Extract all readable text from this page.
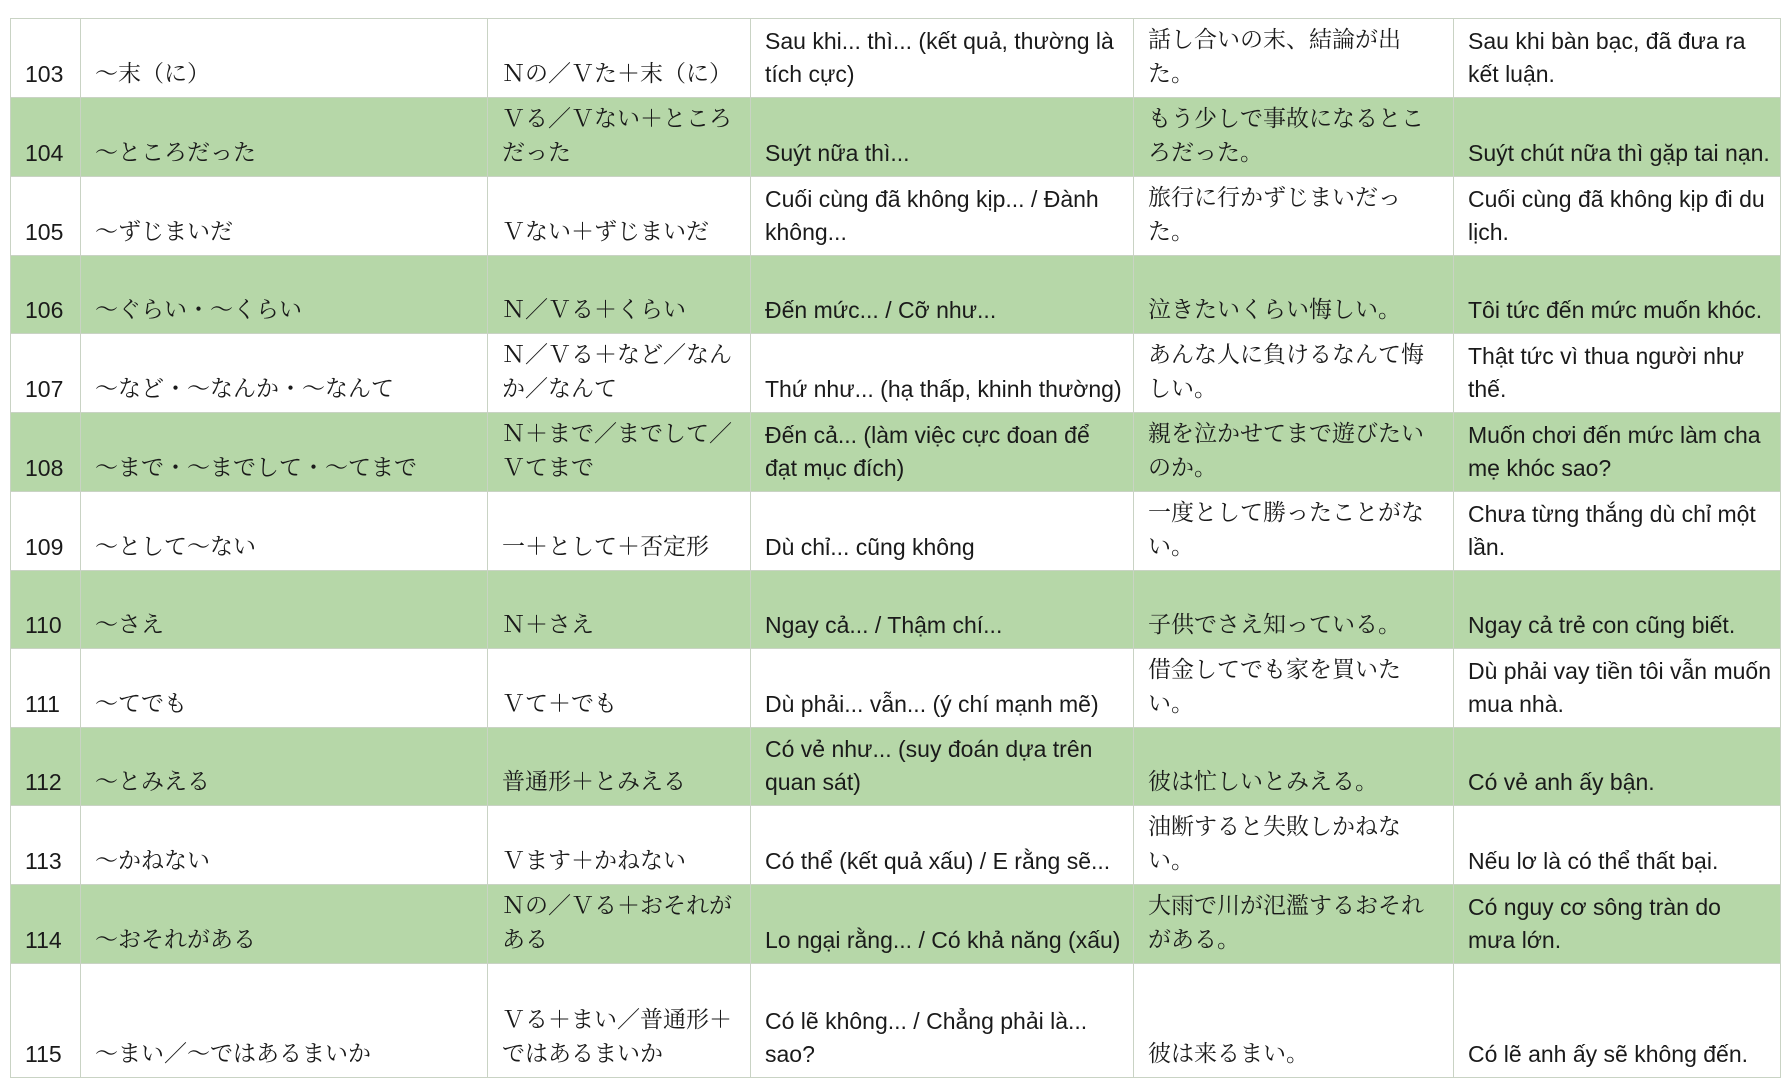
103	～末（に）	Ｎの／Ｖた＋末（に）	Sau khi... thì... (kết quả, thường là tích cực)	話し合いの末、結論が出た。	Sau khi bàn bạc, đã đưa ra kết luận.
104	～ところだった	Ｖる／Ｖない＋ところだった	Suýt nữa thì...	もう少しで事故になるところだった。	Suýt chút nữa thì gặp tai nạn.
105	～ずじまいだ	Ｖない＋ずじまいだ	Cuối cùng đã không kịp... / Đành không...	旅行に行かずじまいだった。	Cuối cùng đã không kịp đi du lịch.
106	～ぐらい・～くらい	Ｎ／Ｖる＋くらい	Đến mức... / Cỡ như...	泣きたいくらい悔しい。	Tôi tức đến mức muốn khóc.
107	～など・～なんか・～なんて	Ｎ／Ｖる＋など／なんか／なんて	Thứ như... (hạ thấp, khinh thường)	あんな人に負けるなんて悔しい。	Thật tức vì thua người như thế.
108	～まで・～までして・～てまで	Ｎ＋まで／までして／Ｖてまで	Đến cả... (làm việc cực đoan để đạt mục đích)	親を泣かせてまで遊びたいのか。	Muốn chơi đến mức làm cha mẹ khóc sao?
109	～として～ない	一＋として＋否定形	Dù chỉ... cũng không	一度として勝ったことがない。	Chưa từng thắng dù chỉ một lần.
110	～さえ	Ｎ＋さえ	Ngay cả... / Thậm chí...	子供でさえ知っている。	Ngay cả trẻ con cũng biết.
111	～てでも	Ｖて＋でも	Dù phải... vẫn... (ý chí mạnh mẽ)	借金してでも家を買いたい。	Dù phải vay tiền tôi vẫn muốn mua nhà.
112	～とみえる	普通形＋とみえる	Có vẻ như... (suy đoán dựa trên quan sát)	彼は忙しいとみえる。	Có vẻ anh ấy bận.
113	～かねない	Ｖます＋かねない	Có thể (kết quả xấu) / E rằng sẽ...	油断すると失敗しかねない。	Nếu lơ là có thể thất bại.
114	～おそれがある	Ｎの／Ｖる＋おそれがある	Lo ngại rằng... / Có khả năng (xấu)	大雨で川が氾濫するおそれがある。	Có nguy cơ sông tràn do mưa lớn.
115	～まい／～ではあるまいか	Ｖる＋まい／普通形＋ではあるまいか	Có lẽ không... / Chẳng phải là... sao?	彼は来るまい。	Có lẽ anh ấy sẽ không đến.
